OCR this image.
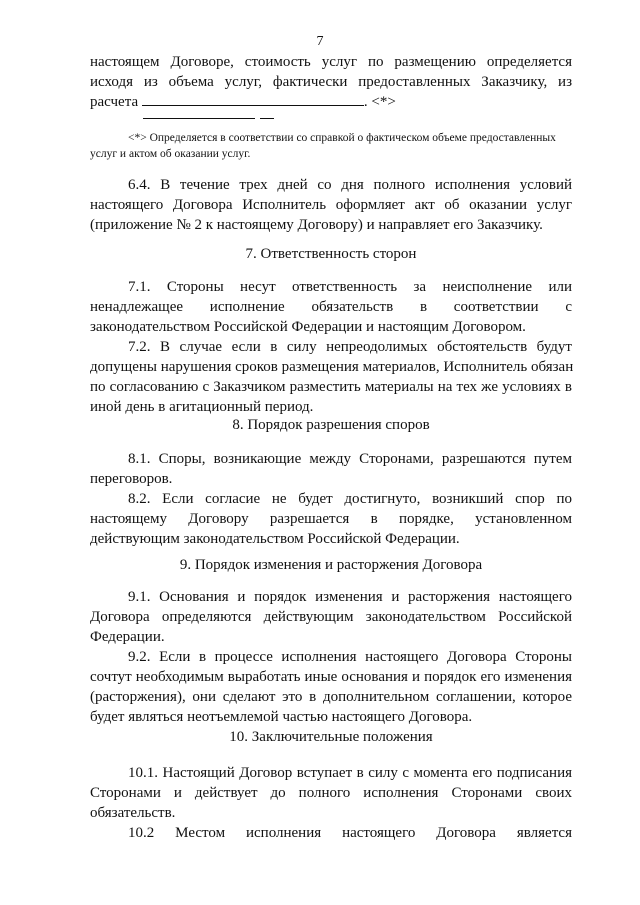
7
настоящем Договоре, стоимость услуг по размещению определяется
исходя из объема услуг, фактически предоставленных Заказчику, из
расчета	. <*>
<*> Определяется в соответствии со справкой о фактическом объеме предоставленных
услуг и актом об оказании услуг.
6.4. В течение трех дней со дня полного исполнения условий
настоящего Договора Исполнитель оформляет акт об оказании услуг
(приложение № 2 к настоящему Договору) и направляет его Заказчику.
7. Ответственность сторон
7.1. Стороны несут ответственность за неисполнение или
ненадлежащее исполнение обязательств в соответствии с
законодательством Российской Федерации и настоящим Договором.
7.2. В случае если в силу непреодолимых обстоятельств будут
допущены нарушения сроков размещения материалов, Исполнитель обязан
по согласованию с Заказчиком разместить материалы на тех же условиях в
иной день в агитационный период.
8. Порядок разрешения споров
8.1. Споры, возникающие между Сторонами, разрешаются путем
переговоров.
8.2. Если согласие не будет достигнуто, возникший спор по
настоящему Договору разрешается в порядке, установленном
действующим законодательством Российской Федерации.
9. Порядок изменения и расторжения Договора
9.1. Основания и порядок изменения и расторжения настоящего
Договора определяются действующим законодательством Российской
Федерации.
9.2. Если в процессе исполнения настоящего Договора Стороны
сочтут необходимым выработать иные основания и порядок его изменения
(расторжения), они сделают это в дополнительном соглашении, которое
будет являться неотъемлемой частью настоящего Договора.
10. Заключительные положения
10.1. Настоящий Договор вступает в силу с момента его подписания
Сторонами и действует до полного исполнения Сторонами своих
обязательств.
10.2 Местом исполнения настоящего Договора является
